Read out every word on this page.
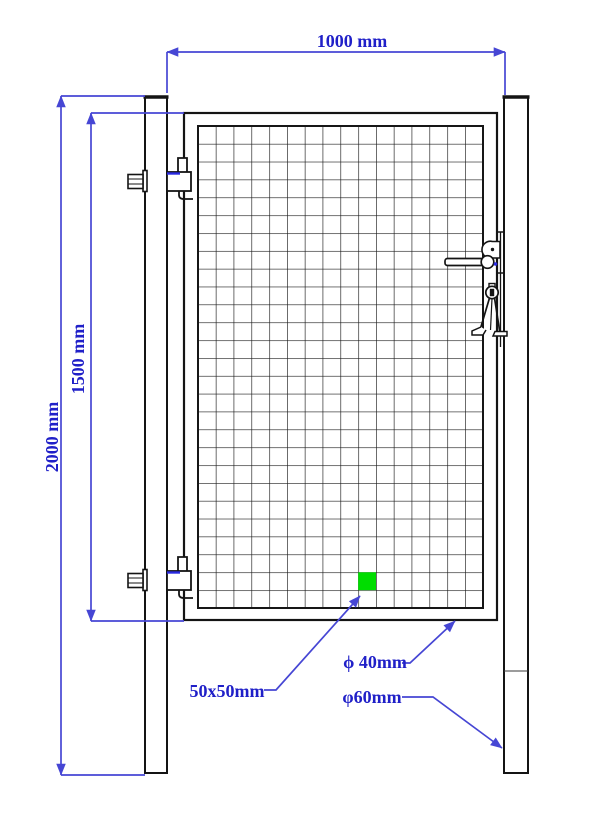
1000 mm
2000 mm
1500 mm
50x50mm
ϕ 40mm
φ60mm
